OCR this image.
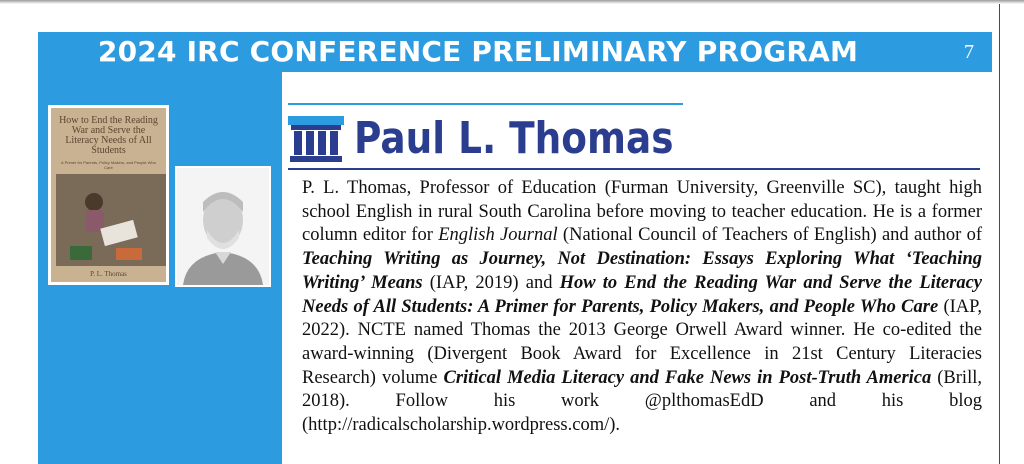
2024 IRC CONFERENCE PRELIMINARY PROGRAM	7
How to End the Reading War and Serve the Literacy Needs of All Students
A Primer for Parents, Policy Makers, and People Who Care
P. L. Thomas
Paul L. Thomas

P. L. Thomas, Professor of Education (Furman University, Greenville SC), taught high school English in rural South Carolina before moving to teacher education. He is a former column editor for English Journal (National Council of Teachers of English) and author of Teaching Writing as Journey, Not Destination: Essays Exploring What ‘Teaching Writing’ Means (IAP, 2019) and How to End the Reading War and Serve the Literacy Needs of All Students: A Primer for Parents, Policy Makers, and People Who Care (IAP, 2022). NCTE named Thomas the 2013 George Orwell Award winner. He co-edited the award-winning (Divergent Book Award for Excellence in 21st Century Literacies Research) volume Critical Media Literacy and Fake News in Post-Truth America (Brill, 2018). Follow his work @plthomasEdD and his blog (http://radicalscholarship.wordpress.com/).
